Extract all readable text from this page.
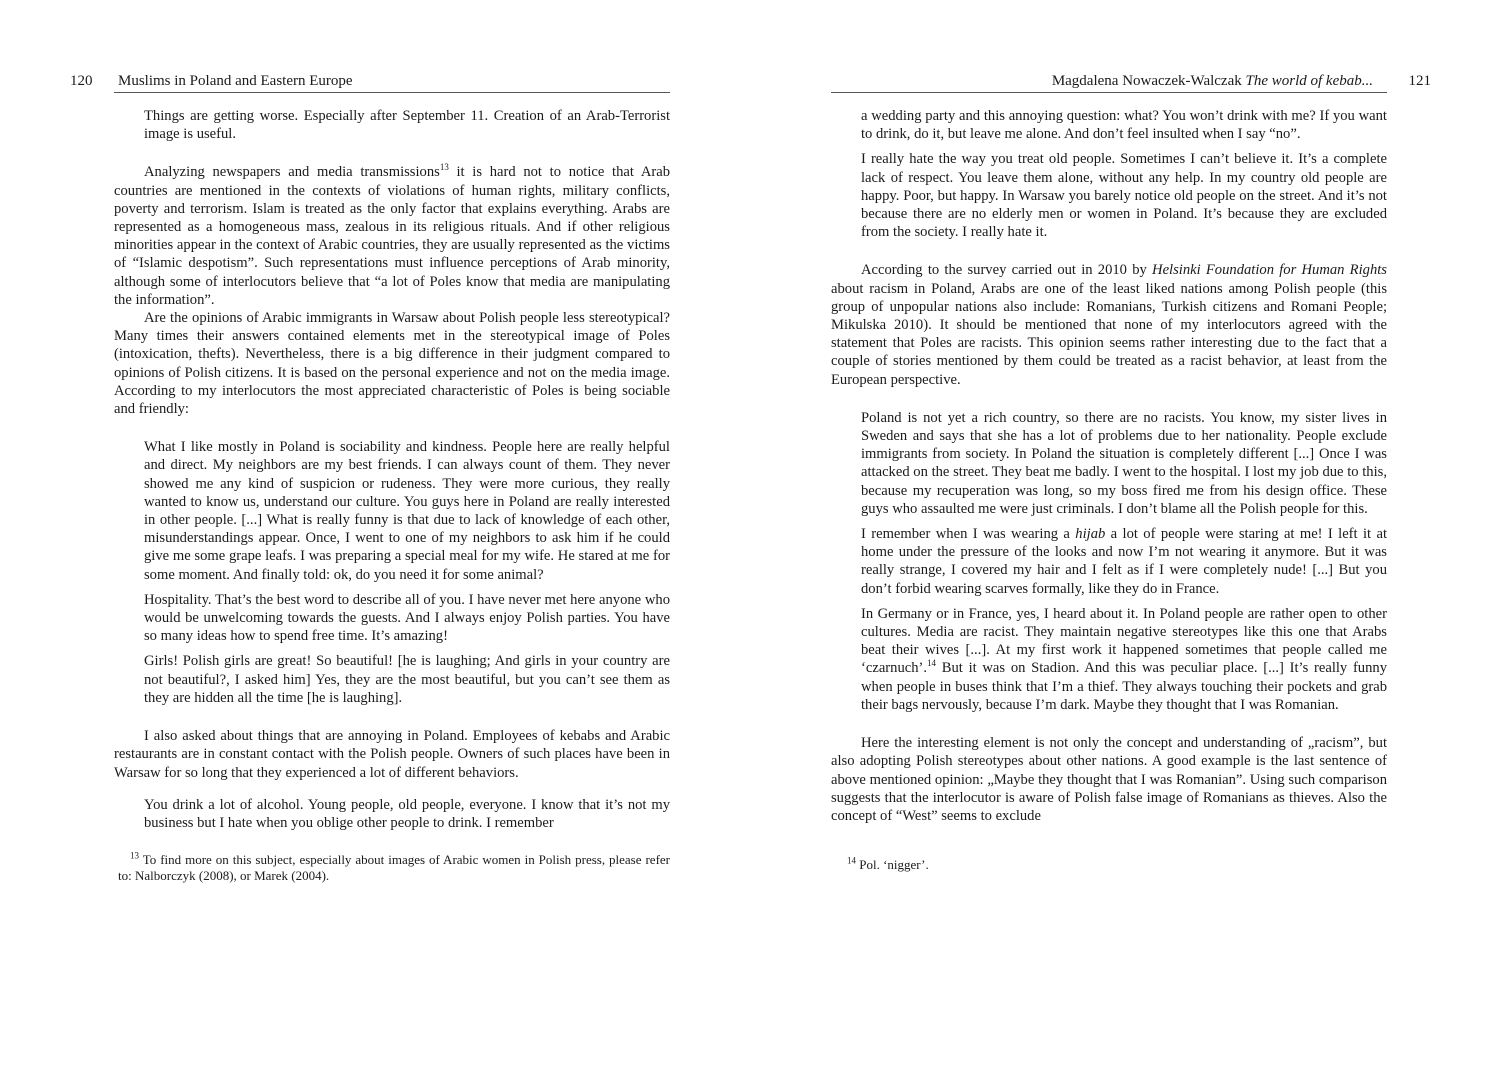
120 Muslims in Poland and Eastern Europe

Things are getting worse. Especially after September 11. Creation of an Arab-Terrorist image is useful.

Analyzing newspapers and media transmissions$^{13}$ it is hard not to notice that Arab countries are mentioned in the contexts of violations of human rights, military conflicts, poverty and terrorism. Islam is treated as the only factor that explains everything. Arabs are represented as a homogeneous mass, zealous in its religious rituals. And if other religious minorities appear in the context of Arabic countries, they are usually represented as the victims of “Islamic despotism”. Such representations must influence perceptions of Arab minority, although some of interlocutors believe that “a lot of Poles know that media are manipulating the information”.

Are the opinions of Arabic immigrants in Warsaw about Polish people less stereotypical? Many times their answers contained elements met in the stereotypical image of Poles (intoxication, thefts). Nevertheless, there is a big difference in their judgment compared to opinions of Polish citizens. It is based on the personal experience and not on the media image. According to my interlocutors the most appreciated characteristic of Poles is being sociable and friendly:

What I like mostly in Poland is sociability and kindness. People here are really helpful and direct. My neighbors are my best friends. I can always count of them. They never showed me any kind of suspicion or rudeness. They were more curious, they really wanted to know us, understand our culture. You guys here in Poland are really interested in other people. [...] What is really funny is that due to lack of knowledge of each other, misunderstandings appear. Once, I went to one of my neighbors to ask him if he could give me some grape leafs. I was preparing a special meal for my wife. He stared at me for some moment. And finally told: ok, do you need it for some animal?

Hospitality. That’s the best word to describe all of you. I have never met here anyone who would be unwelcoming towards the guests. And I always enjoy Polish parties. You have so many ideas how to spend free time. It’s amazing!

Girls! Polish girls are great! So beautiful! [he is laughing; And girls in your country are not beautiful?, I asked him] Yes, they are the most beautiful, but you can’t see them as they are hidden all the time [he is laughing].

I also asked about things that are annoying in Poland. Employees of kebabs and Arabic restaurants are in constant contact with the Polish people. Owners of such places have been in Warsaw for so long that they experienced a lot of different behaviors.

You drink a lot of alcohol. Young people, old people, everyone. I know that it’s not my business but I hate when you oblige other people to drink. I remember

$^{13}$ To find more on this subject, especially about images of Arabic women in Polish press, please refer to: Nalborczyk (2008), or Marek (2004).

Magdalena Nowaczek-Walczak The world of kebab... 121

a wedding party and this annoying question: what? You won’t drink with me? If you want to drink, do it, but leave me alone. And don’t feel insulted when I say “no”.

I really hate the way you treat old people. Sometimes I can’t believe it. It’s a complete lack of respect. You leave them alone, without any help. In my country old people are happy. Poor, but happy. In Warsaw you barely notice old people on the street. And it’s not because there are no elderly men or women in Poland. It’s because they are excluded from the society. I really hate it.

According to the survey carried out in 2010 by Helsinki Foundation for Human Rights about racism in Poland, Arabs are one of the least liked nations among Polish people (this group of unpopular nations also include: Romanians, Turkish citizens and Romani People; Mikulska 2010). It should be mentioned that none of my interlocutors agreed with the statement that Poles are racists. This opinion seems rather interesting due to the fact that a couple of stories mentioned by them could be treated as a racist behavior, at least from the European perspective.

Poland is not yet a rich country, so there are no racists. You know, my sister lives in Sweden and says that she has a lot of problems due to her nationality. People exclude immigrants from society. In Poland the situation is completely different [...] Once I was attacked on the street. They beat me badly. I went to the hospital. I lost my job due to this, because my recuperation was long, so my boss fired me from his design office. These guys who assaulted me were just criminals. I don’t blame all the Polish people for this.

I remember when I was wearing a hijab a lot of people were staring at me! I left it at home under the pressure of the looks and now I’m not wearing it anymore. But it was really strange, I covered my hair and I felt as if I were completely nude! [...] But you don’t forbid wearing scarves formally, like they do in France.

In Germany or in France, yes, I heard about it. In Poland people are rather open to other cultures. Media are racist. They maintain negative stereotypes like this one that Arabs beat their wives [...]. At my first work it happened sometimes that people called me ‘czarnuch’.$^{14}$ But it was on Stadion. And this was peculiar place. [...] It’s really funny when people in buses think that I’m a thief. They always touching their pockets and grab their bags nervously, because I’m dark. Maybe they thought that I was Romanian.

Here the interesting element is not only the concept and understanding of „racism”, but also adopting Polish stereotypes about other nations. A good example is the last sentence of above mentioned opinion: „Maybe they thought that I was Romanian”. Using such comparison suggests that the interlocutor is aware of Polish false image of Romanians as thieves. Also the concept of “West” seems to exclude

$^{14}$ Pol. ‘nigger’.
